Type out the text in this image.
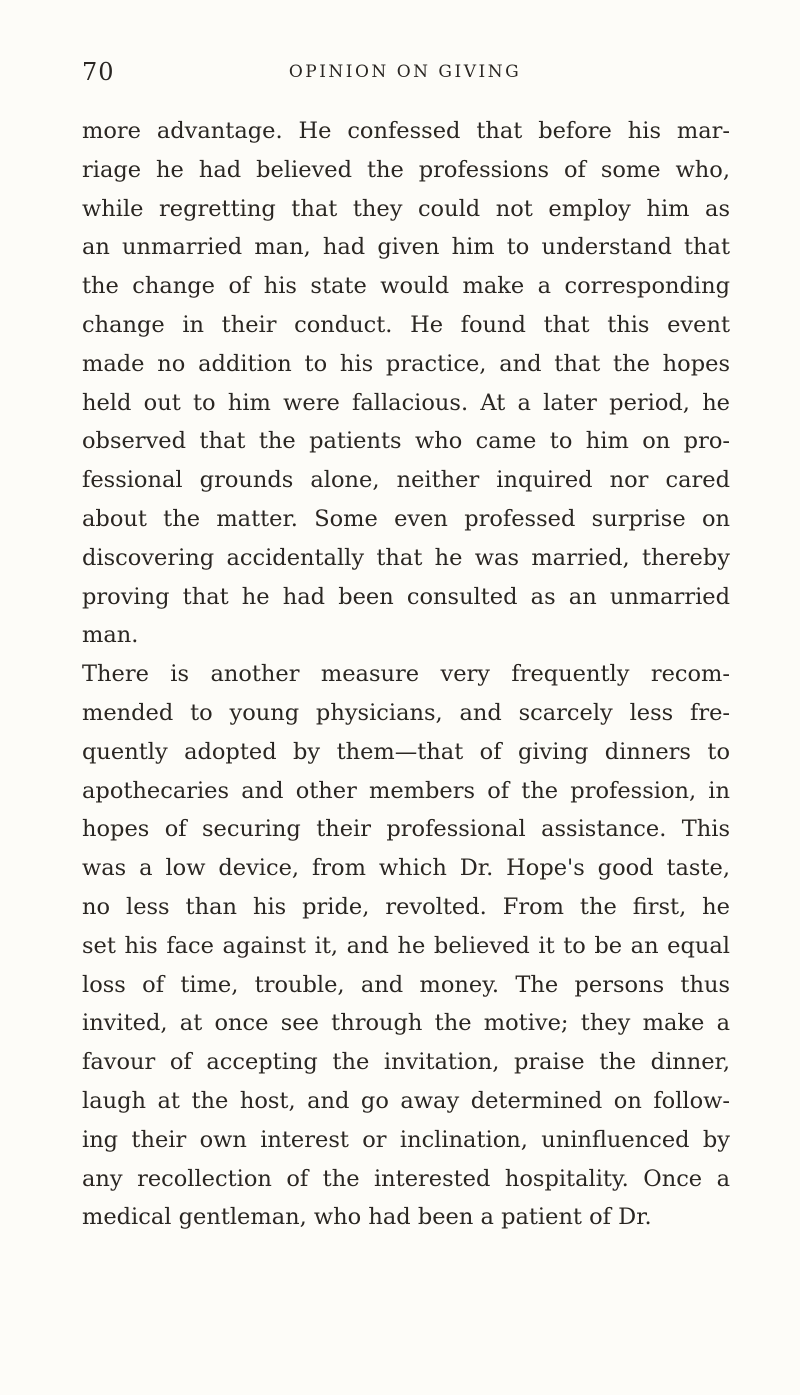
70	OPINION ON GIVING
more advantage. He confessed that before his mar-
riage he had believed the professions of some who,
while regretting that they could not employ him as
an unmarried man, had given him to understand that
the change of his state would make a corresponding
change in their conduct. He found that this event
made no addition to his practice, and that the hopes
held out to him were fallacious. At a later period, he
observed that the patients who came to him on pro-
fessional grounds alone, neither inquired nor cared
about the matter. Some even professed surprise on
discovering accidentally that he was married, thereby
proving that he had been consulted as an unmarried
man.
There is another measure very frequently recom-
mended to young physicians, and scarcely less fre-
quently adopted by them—that of giving dinners to
apothecaries and other members of the profession, in
hopes of securing their professional assistance. This
was a low device, from which Dr. Hope's good taste,
no less than his pride, revolted. From the first, he
set his face against it, and he believed it to be an equal
loss of time, trouble, and money. The persons thus
invited, at once see through the motive; they make a
favour of accepting the invitation, praise the dinner,
laugh at the host, and go away determined on follow-
ing their own interest or inclination, uninfluenced by
any recollection of the interested hospitality. Once a
medical gentleman, who had been a patient of Dr.
